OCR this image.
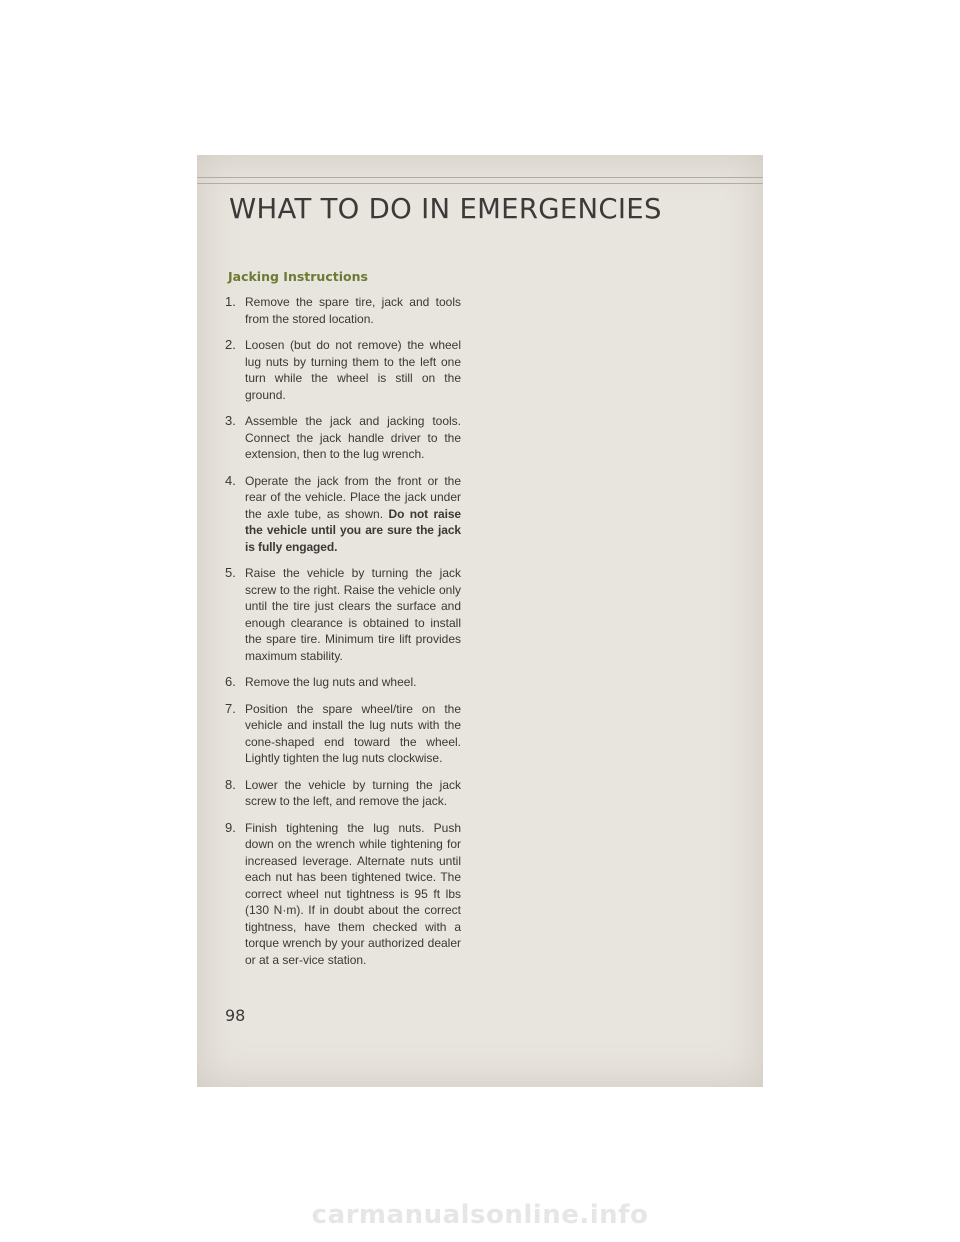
WHAT TO DO IN EMERGENCIES
Jacking Instructions
1. Remove the spare tire, jack and tools from the stored location.
2. Loosen (but do not remove) the wheel lug nuts by turning them to the left one turn while the wheel is still on the ground.
3. Assemble the jack and jacking tools. Connect the jack handle driver to the extension, then to the lug wrench.
4. Operate the jack from the front or the rear of the vehicle. Place the jack under the axle tube, as shown. Do not raise the vehicle until you are sure the jack is fully engaged.
5. Raise the vehicle by turning the jack screw to the right. Raise the vehicle only until the tire just clears the surface and enough clearance is obtained to install the spare tire. Minimum tire lift provides maximum stability.
6. Remove the lug nuts and wheel.
7. Position the spare wheel/tire on the vehicle and install the lug nuts with the cone-shaped end toward the wheel. Lightly tighten the lug nuts clockwise.
8. Lower the vehicle by turning the jack screw to the left, and remove the jack.
9. Finish tightening the lug nuts. Push down on the wrench while tightening for increased leverage. Alternate nuts until each nut has been tightened twice. The correct wheel nut tightness is 95 ft lbs (130 N·m). If in doubt about the correct tightness, have them checked with a torque wrench by your authorized dealer or at a ser-vice station.

98

carmanualsonline.info
